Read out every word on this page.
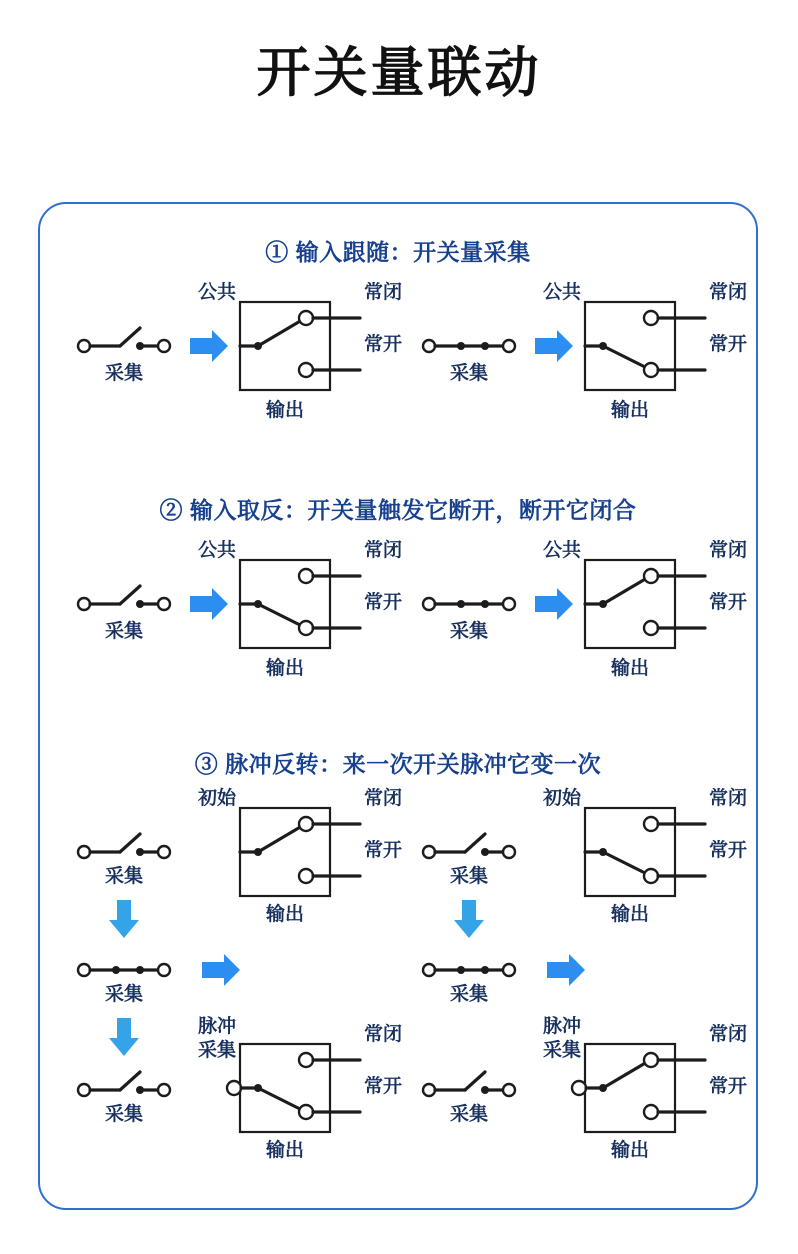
开关量联动
① 输入跟随：开关量采集
采集
公共	常闭
常开
输出
采集
公共	常闭
常开
输出
② 输入取反：开关量触发它断开，断开它闭合
采集
公共	常闭
常开
输出
采集
公共	常闭
常开
输出
③ 脉冲反转：来一次开关脉冲它变一次
采集
初始	常闭
常开
输出
采集
初始	常闭
常开
输出
采集	采集
采集
脉冲
采集
常闭
常开
输出
采集
脉冲
采集
常闭
常开
输出
